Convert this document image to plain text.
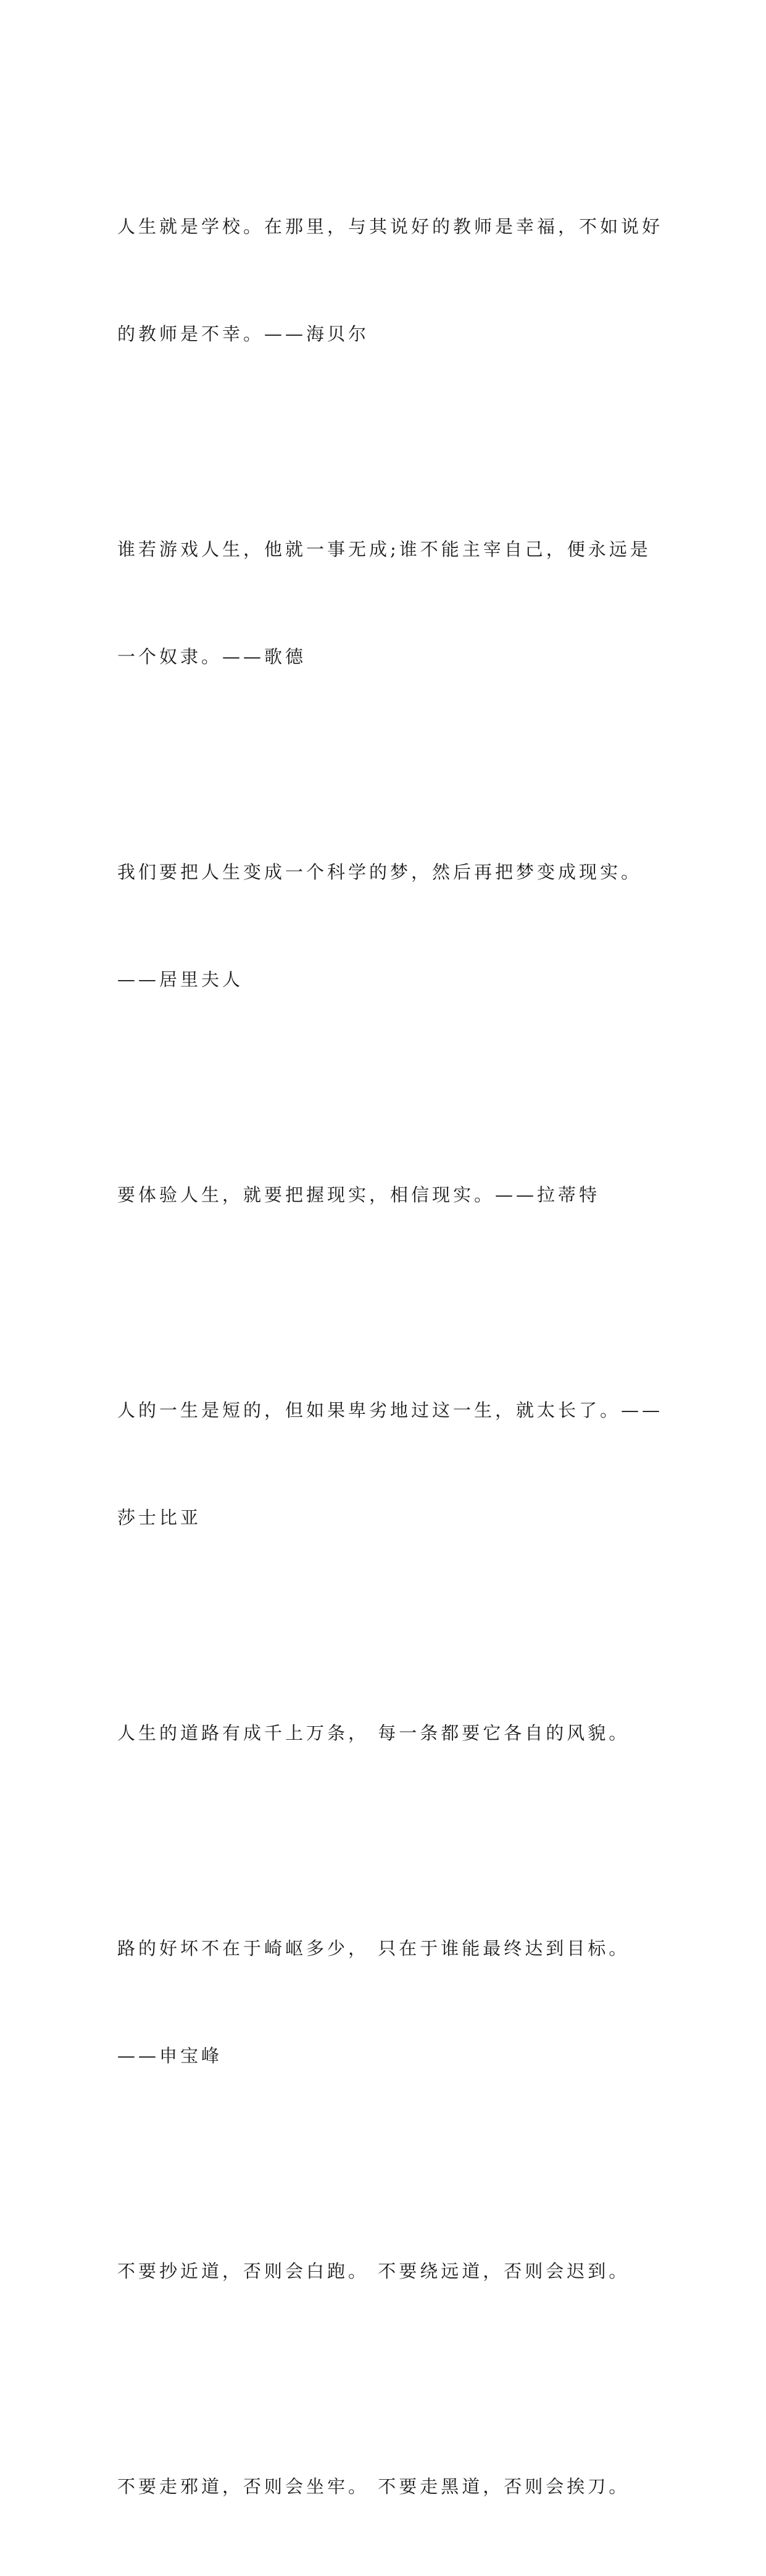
人生就是学校。在那里，与其说好的教师是幸福，不如说好

的教师是不幸。——海贝尔

谁若游戏人生，他就一事无成;谁不能主宰自己，便永远是

一个奴隶。——歌德

我们要把人生变成一个科学的梦，然后再把梦变成现实。

——居里夫人

要体验人生，就要把握现实，相信现实。——拉蒂特

人的一生是短的，但如果卑劣地过这一生，就太长了。——

莎士比亚

人生的道路有成千上万条， 每一条都要它各自的风貌。

路的好坏不在于崎岖多少， 只在于谁能最终达到目标。

——申宝峰

不要抄近道，否则会白跑。 不要绕远道，否则会迟到。

不要走邪道，否则会坐牢。 不要走黑道，否则会挨刀。
